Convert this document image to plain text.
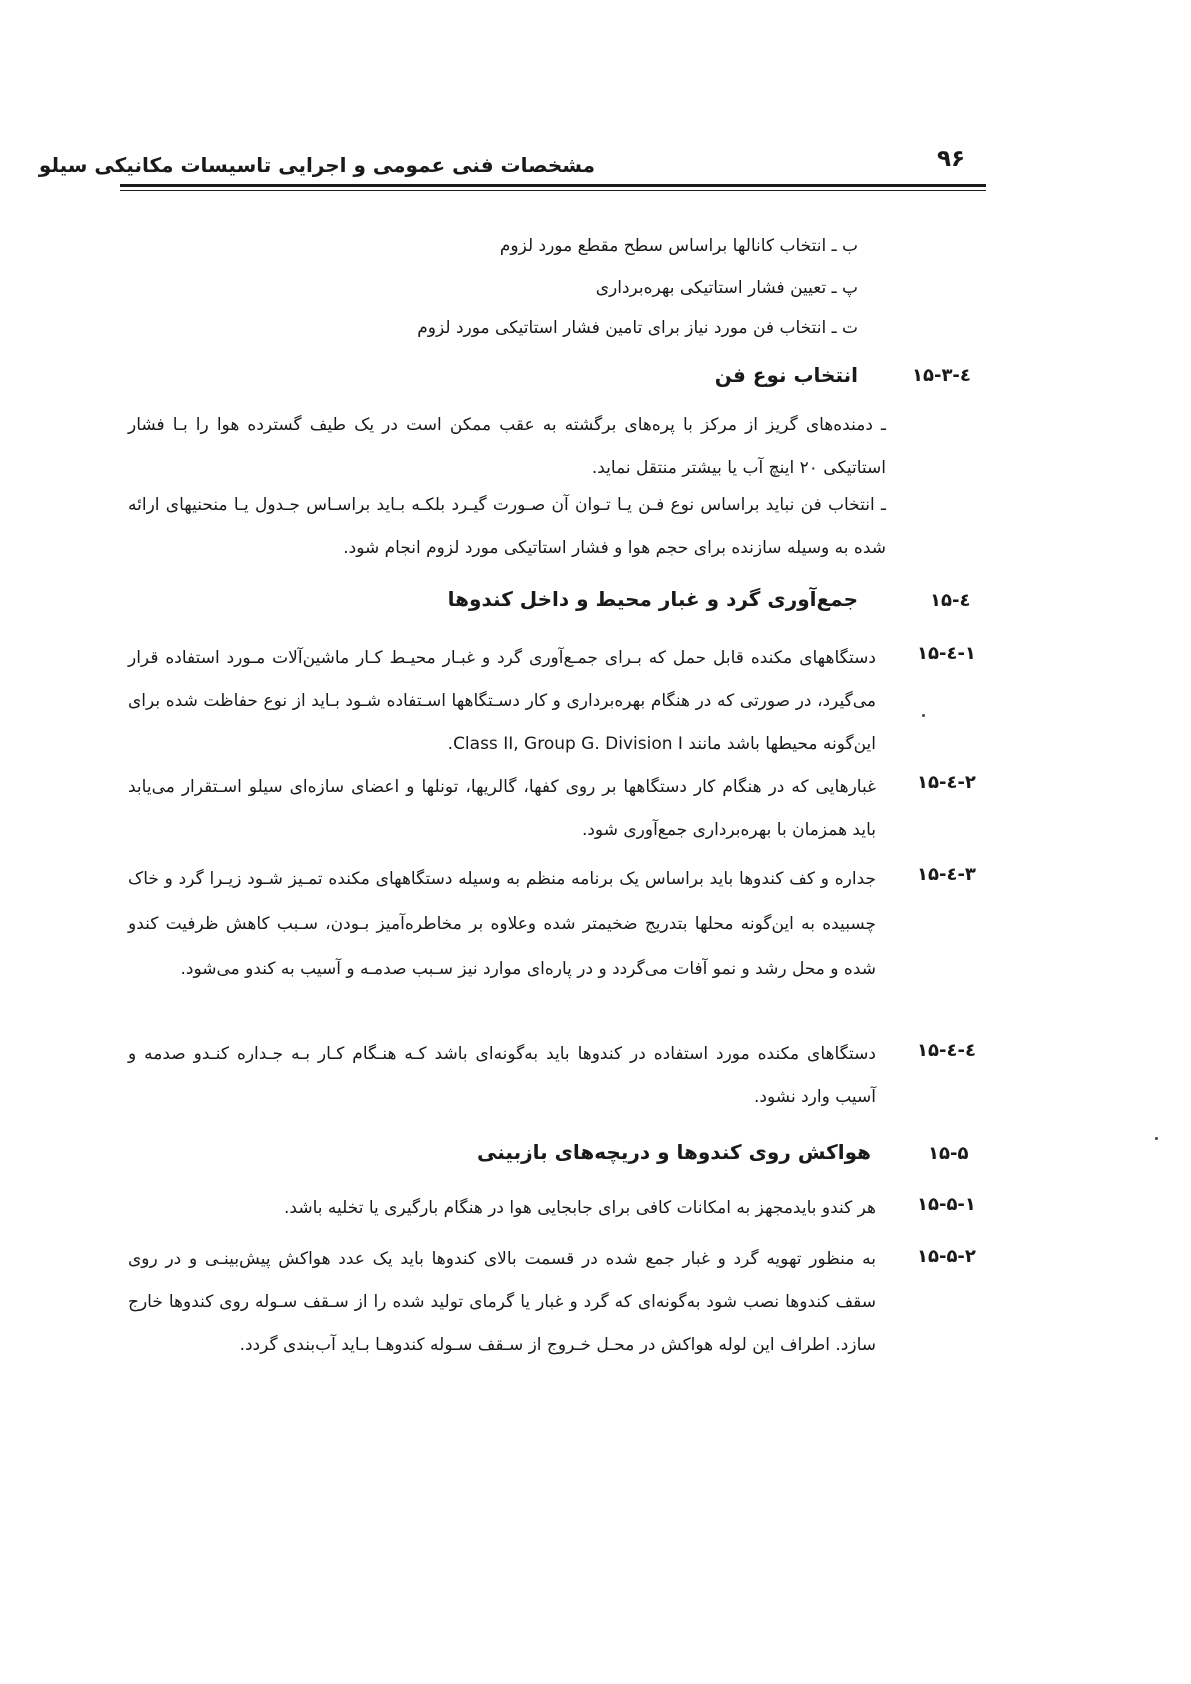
۹۶
مشخصات فنی عمومی و اجرایی تاسیسات مکانیکی سیلو
ب ـ انتخاب کانالها براساس سطح مقطع مورد لزوم
پ ـ تعیین فشار استاتیکی بهره‌برداری
ت ـ انتخاب فن مورد نیاز برای تامین فشار استاتیکی مورد لزوم
۱۵-۳-٤
انتخاب نوع فن

ـ دمنده‌های گریز از مرکز با پره‌های برگشته به عقب ممکن است در یک طیف گسترده هوا را بـا فشار استاتیکی ۲۰ اینچ آب یا بیشتر منتقل نماید.

ـ انتخاب فن نباید براساس نوع فـن یـا تـوان آن صـورت گیـرد بلکـه بـاید براسـاس جـدول یـا منحنیهای ارائه شده به وسیله سازنده برای حجم هوا و فشار استاتیکی مورد لزوم انجام شود.

۱۵-٤
جمع‌آوری گرد و غبار محیط و داخل کندوها
۱۵-٤-۱

دستگاههای مکنده قابل حمل که بـرای جمـع‌آوری گرد و غبـار محیـط کـار ماشین‌آلات مـورد استفاده قرار می‌گیرد، در صورتی که در هنگام بهره‌برداری و کار دسـتگاهها اسـتفاده شـود بـاید از نوع حفاظت شده برای این‌گونه محیطها باشد مانند Class II, Group G. Division I.

۱۵-٤-۲

غبارهایی که در هنگام کار دستگاهها بر روی کفها، گالریها، تونلها و اعضای سازه‌ای سیلو اسـتقرار می‌یابد باید همزمان با بهره‌برداری جمع‌آوری شود.

۱۵-٤-۳

جداره و کف کندوها باید براساس یک برنامه منظم به وسیله دستگاههای مکنده تمـیز شـود زیـرا گرد و خاک چسبیده به این‌گونه محلها بتدریج ضخیمتر شده وعلاوه بر مخاطره‌آمیز بـودن، سـبب کاهش ظرفیت کندو شده و محل رشد و نمو آفات می‌گردد و در پاره‌ای موارد نیز سـبب صدمـه و آسیب به کندو می‌شود.

۱۵-٤-٤

دستگاهای مکنده مورد استفاده در کندوها باید به‌گونه‌ای باشد کـه هنـگام کـار بـه جـداره کنـدو صدمه و آسیب وارد نشود.

۱۵-۵
هواکش روی کندوها و دریچه‌های بازبینی
۱۵-۵-۱

هر کندو بایدمجهز به امکانات کافی برای جابجایی هوا در هنگام بارگیری یا تخلیه باشد.

۱۵-۵-۲

به منظور تهویه گرد و غبار جمع شده در قسمت بالای کندوها باید یک عدد هواکش پیش‌بینـی و در روی سقف کندوها نصب شود به‌گونه‌ای که گرد و غبار یا گرمای تولید شده را از سـقف سـوله روی کندوها خارج سازد. اطراف این لوله هواکش در محـل خـروج از سـقف سـوله کندوهـا بـاید آب‌بندی گردد.
